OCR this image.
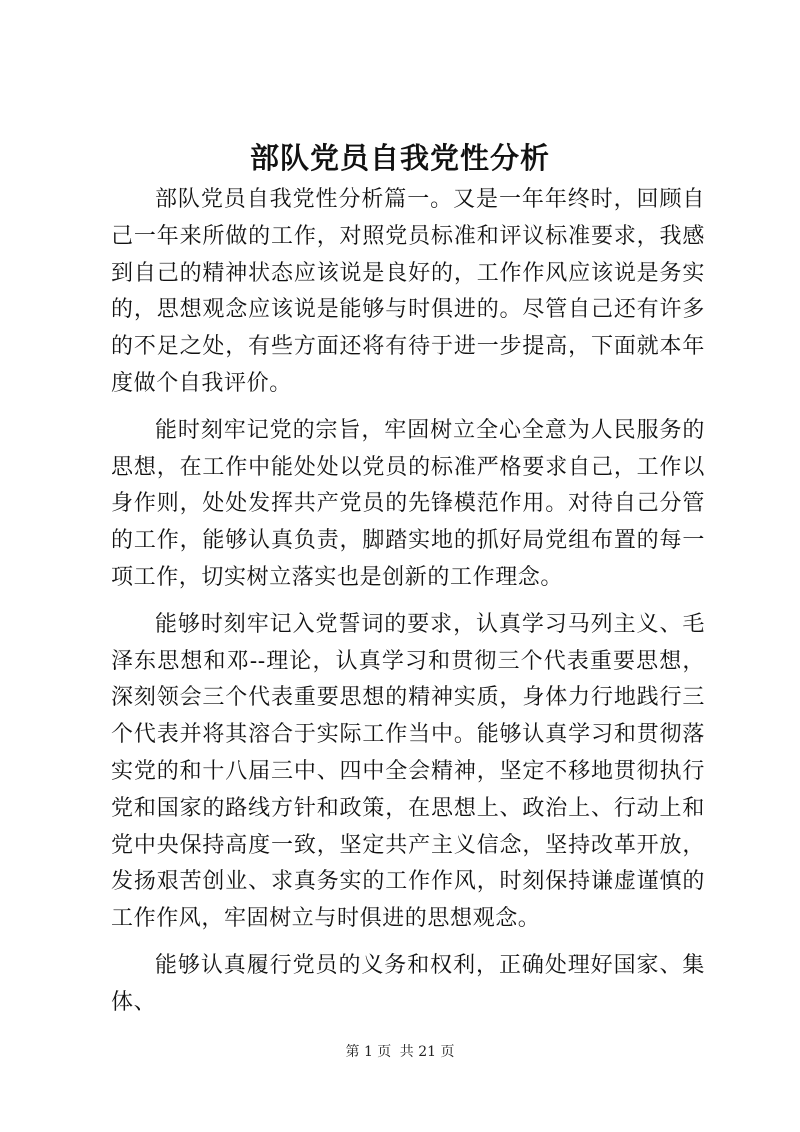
部队党员自我党性分析

部队党员自我党性分析篇一。又是一年年终时，回顾自己一年来所做的工作，对照党员标准和评议标准要求，我感到自己的精神状态应该说是良好的，工作作风应该说是务实的，思想观念应该说是能够与时俱进的。尽管自己还有许多的不足之处，有些方面还将有待于进一步提高，下面就本年度做个自我评价。

能时刻牢记党的宗旨，牢固树立全心全意为人民服务的思想，在工作中能处处以党员的标准严格要求自己，工作以身作则，处处发挥共产党员的先锋模范作用。对待自己分管的工作，能够认真负责，脚踏实地的抓好局党组布置的每一项工作，切实树立落实也是创新的工作理念。

能够时刻牢记入党誓词的要求，认真学习马列主义、毛泽东思想和邓--理论，认真学习和贯彻三个代表重要思想，深刻领会三个代表重要思想的精神实质，身体力行地践行三个代表并将其溶合于实际工作当中。能够认真学习和贯彻落实党的和十八届三中、四中全会精神，坚定不移地贯彻执行党和国家的路线方针和政策，在思想上、政治上、行动上和党中央保持高度一致，坚定共产主义信念，坚持改革开放，发扬艰苦创业、求真务实的工作作风，时刻保持谦虚谨慎的工作作风，牢固树立与时俱进的思想观念。

能够认真履行党员的义务和权利，正确处理好国家、集体、

第 1 页 共 21 页
